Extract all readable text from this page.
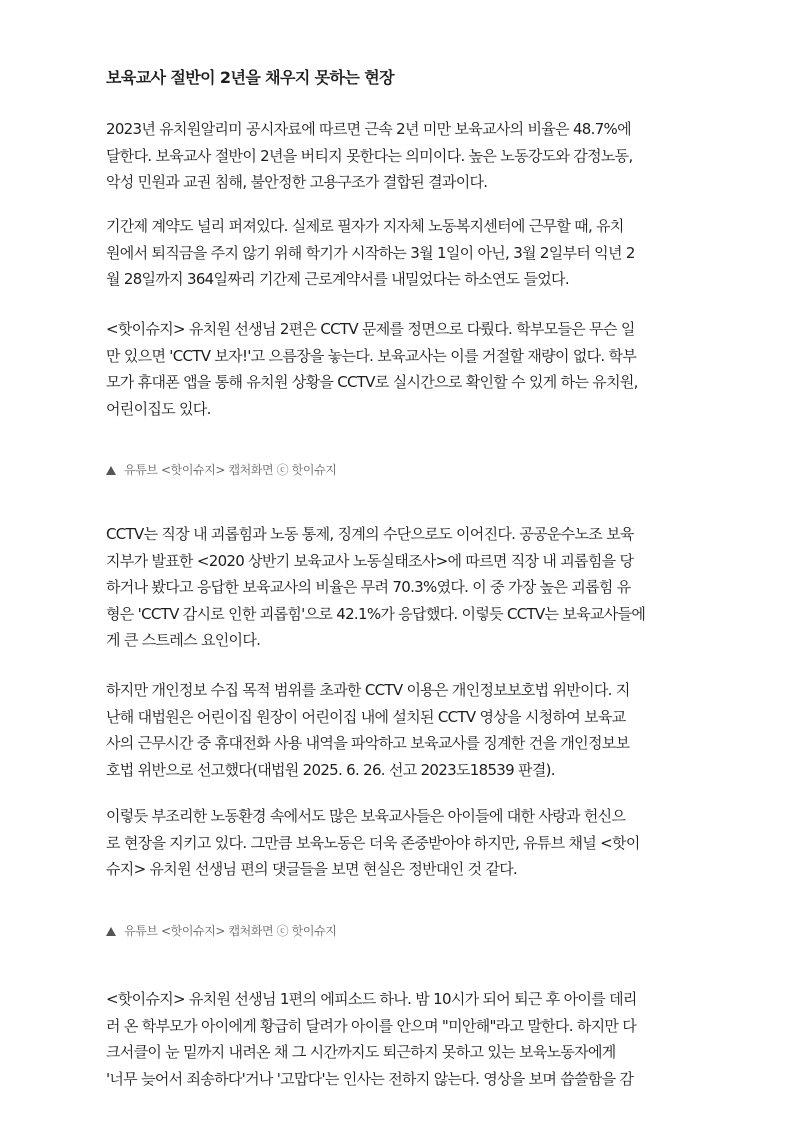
보육교사 절반이 2년을 채우지 못하는 현장

2023년 유치원알리미 공시자료에 따르면 근속 2년 미만 보육교사의 비율은 48.7%에
달한다. 보육교사 절반이 2년을 버티지 못한다는 의미이다. 높은 노동강도와 감정노동,
악성 민원과 교권 침해, 불안정한 고용구조가 결합된 결과이다.

기간제 계약도 널리 퍼져있다. 실제로 필자가 지자체 노동복지센터에 근무할 때, 유치
원에서 퇴직금을 주지 않기 위해 학기가 시작하는 3월 1일이 아닌, 3월 2일부터 익년 2
월 28일까지 364일짜리 기간제 근로계약서를 내밀었다는 하소연도 들었다.

<핫이슈지> 유치원 선생님 2편은 CCTV 문제를 정면으로 다뤘다. 학부모들은 무슨 일
만 있으면 'CCTV 보자!'고 으름장을 놓는다. 보육교사는 이를 거절할 재량이 없다. 학부
모가 휴대폰 앱을 통해 유치원 상황을 CCTV로 실시간으로 확인할 수 있게 하는 유치원,
어린이집도 있다.

유튜브 <핫이슈지> 캡처화면 ⓒ 핫이슈지

CCTV는 직장 내 괴롭힘과 노동 통제, 징계의 수단으로도 이어진다. 공공운수노조 보육
지부가 발표한 <2020 상반기 보육교사 노동실태조사>에 따르면 직장 내 괴롭힘을 당
하거나 봤다고 응답한 보육교사의 비율은 무려 70.3%였다. 이 중 가장 높은 괴롭힘 유
형은 'CCTV 감시로 인한 괴롭힘'으로 42.1%가 응답했다. 이렇듯 CCTV는 보육교사들에
게 큰 스트레스 요인이다.

하지만 개인정보 수집 목적 범위를 초과한 CCTV 이용은 개인정보보호법 위반이다. 지
난해 대법원은 어린이집 원장이 어린이집 내에 설치된 CCTV 영상을 시청하여 보육교
사의 근무시간 중 휴대전화 사용 내역을 파악하고 보육교사를 징계한 건을 개인정보보
호법 위반으로 선고했다(대법원 2025. 6. 26. 선고 2023도18539 판결).

이렇듯 부조리한 노동환경 속에서도 많은 보육교사들은 아이들에 대한 사랑과 헌신으
로 현장을 지키고 있다. 그만큼 보육노동은 더욱 존중받아야 하지만, 유튜브 채널 <핫이
슈지> 유치원 선생님 편의 댓글들을 보면 현실은 정반대인 것 같다.

유튜브 <핫이슈지> 캡처화면 ⓒ 핫이슈지

<핫이슈지> 유치원 선생님 1편의 에피소드 하나. 밤 10시가 되어 퇴근 후 아이를 데리
러 온 학부모가 아이에게 황급히 달려가 아이를 안으며 "미안해"라고 말한다. 하지만 다
크서클이 눈 밑까지 내려온 채 그 시간까지도 퇴근하지 못하고 있는 보육노동자에게
'너무 늦어서 죄송하다'거나 '고맙다'는 인사는 전하지 않는다. 영상을 보며 씁쓸함을 감
